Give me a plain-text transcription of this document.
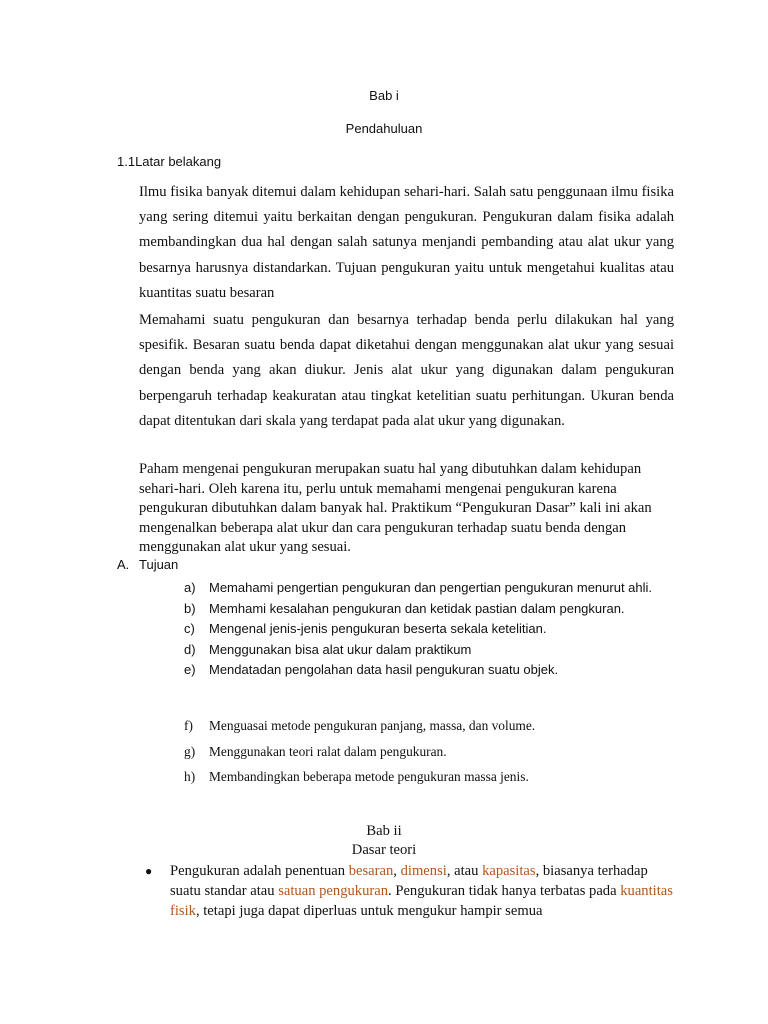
Bab i
Pendahuluan
1.1Latar belakang
Ilmu fisika banyak ditemui dalam kehidupan sehari-hari. Salah satu penggunaan ilmu fisika yang sering ditemui yaitu berkaitan dengan pengukuran. Pengukuran dalam fisika adalah membandingkan dua hal dengan salah satunya menjandi pembanding atau alat ukur yang besarnya harusnya distandarkan. Tujuan pengukuran yaitu untuk mengetahui kualitas atau kuantitas suatu besaran
Memahami suatu pengukuran dan besarnya terhadap benda perlu dilakukan hal yang spesifik. Besaran suatu benda dapat diketahui dengan menggunakan alat ukur yang sesuai dengan benda yang akan diukur. Jenis alat ukur yang digunakan dalam pengukuran berpengaruh terhadap keakuratan atau tingkat ketelitian suatu perhitungan. Ukuran benda dapat ditentukan dari skala yang terdapat pada alat ukur yang digunakan.
Paham mengenai pengukuran merupakan suatu hal yang dibutuhkan dalam kehidupan sehari-hari. Oleh karena itu, perlu untuk memahami mengenai pengukuran karena pengukuran dibutuhkan dalam banyak hal. Praktikum “Pengukuran Dasar” kali ini akan mengenalkan beberapa alat ukur dan cara pengukuran terhadap suatu benda dengan menggunakan alat ukur yang sesuai.
A. Tujuan
a)	Memahami pengertian pengukuran dan pengertian pengukuran menurut ahli.
b)	Memhami kesalahan pengukuran dan ketidak pastian dalam pengkuran.
c)	Mengenal jenis-jenis pengukuran beserta sekala ketelitian.
d)	Menggunakan bisa alat ukur dalam praktikum
e)	Mendatadan pengolahan data hasil pengukuran suatu objek.
f)	Menguasai metode pengukuran panjang, massa, dan volume.
g)	Menggunakan teori ralat dalam pengukuran.
h)	Membandingkan beberapa metode pengukuran massa jenis.
Bab ii
Dasar teori
●	Pengukuran adalah penentuan besaran, dimensi, atau kapasitas, biasanya terhadap suatu standar atau satuan pengukuran. Pengukuran tidak hanya terbatas pada kuantitas fisik, tetapi juga dapat diperluas untuk mengukur hampir semua
